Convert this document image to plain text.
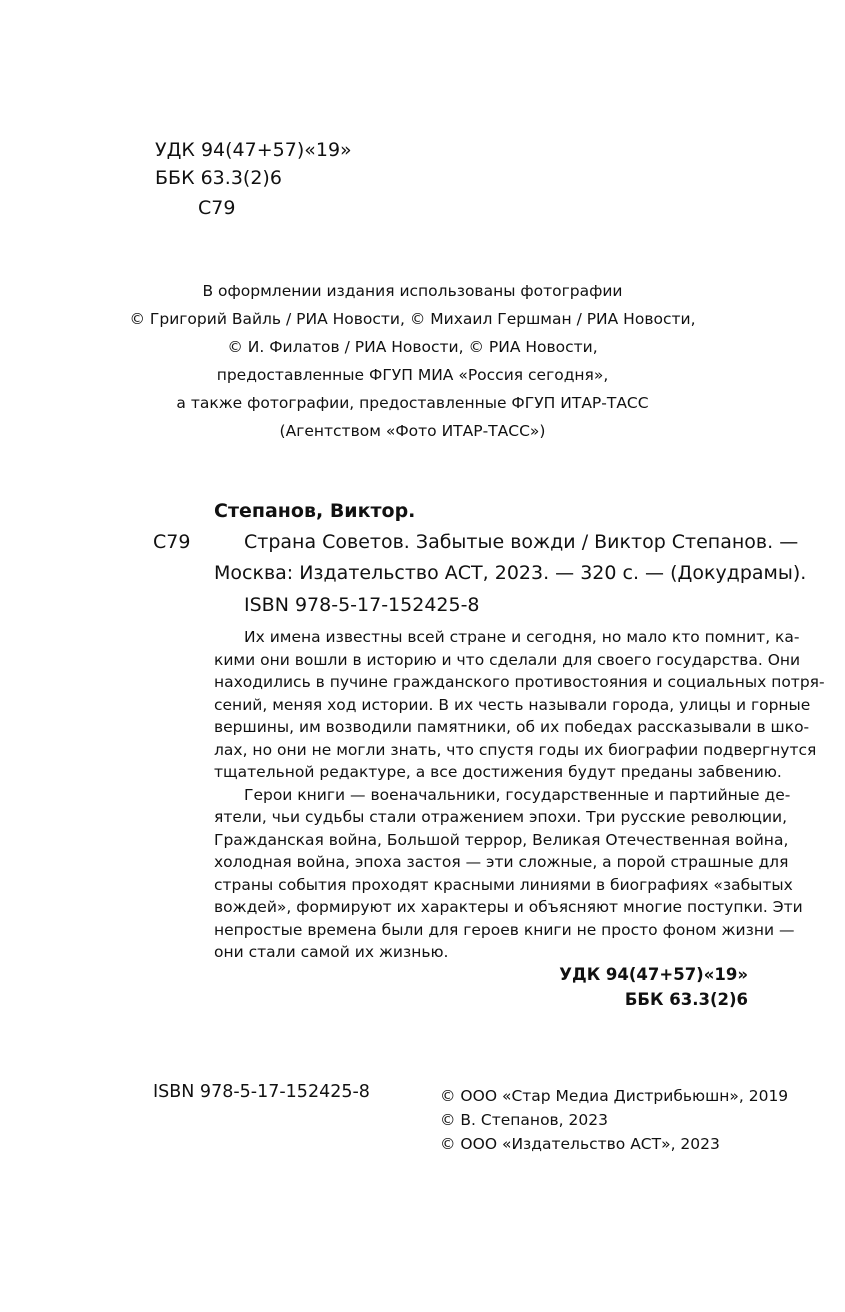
УДК 94(47+57)«19»
ББК 63.3(2)6
С79
В оформлении издания использованы фотографии
© Григорий Вайль / РИА Новости, © Михаил Гершман / РИА Новости,
© И. Филатов / РИА Новости, © РИА Новости,
предоставленные ФГУП МИА «Россия сегодня»,
а также фотографии, предоставленные ФГУП ИТАР-ТАСС
(Агентством «Фото ИТАР-ТАСС»)
Степанов, Виктор.
С79	Страна Советов. Забытые вожди / Виктор Степанов. —
Москва: Издательство АСТ, 2023. — 320 с. — (Докудрамы).
ISBN 978-5-17-152425-8
Их имена известны всей стране и сегодня, но мало кто помнит, ка-
кими они вошли в историю и что сделали для своего государства. Они
находились в пучине гражданского противостояния и социальных потря-
сений, меняя ход истории. В их честь называли города, улицы и горные
вершины, им возводили памятники, об их победах рассказывали в шко-
лах, но они не могли знать, что спустя годы их биографии подвергнутся
тщательной редактуре, а все достижения будут преданы забвению.
Герои книги — военачальники, государственные и партийные де-
ятели, чьи судьбы стали отражением эпохи. Три русские революции,
Гражданская война, Большой террор, Великая Отечественная война,
холодная война, эпоха застоя — эти сложные, а порой страшные для
страны события проходят красными линиями в биографиях «забытых
вождей», формируют их характеры и объясняют многие поступки. Эти
непростые времена были для героев книги не просто фоном жизни —
они стали самой их жизнью.
УДК 94(47+57)«19»
ББК 63.3(2)6
ISBN 978-5-17-152425-8	© ООО «Стар Медиа Дистрибьюшн», 2019
© В. Степанов, 2023
© ООО «Издательство АСТ», 2023
